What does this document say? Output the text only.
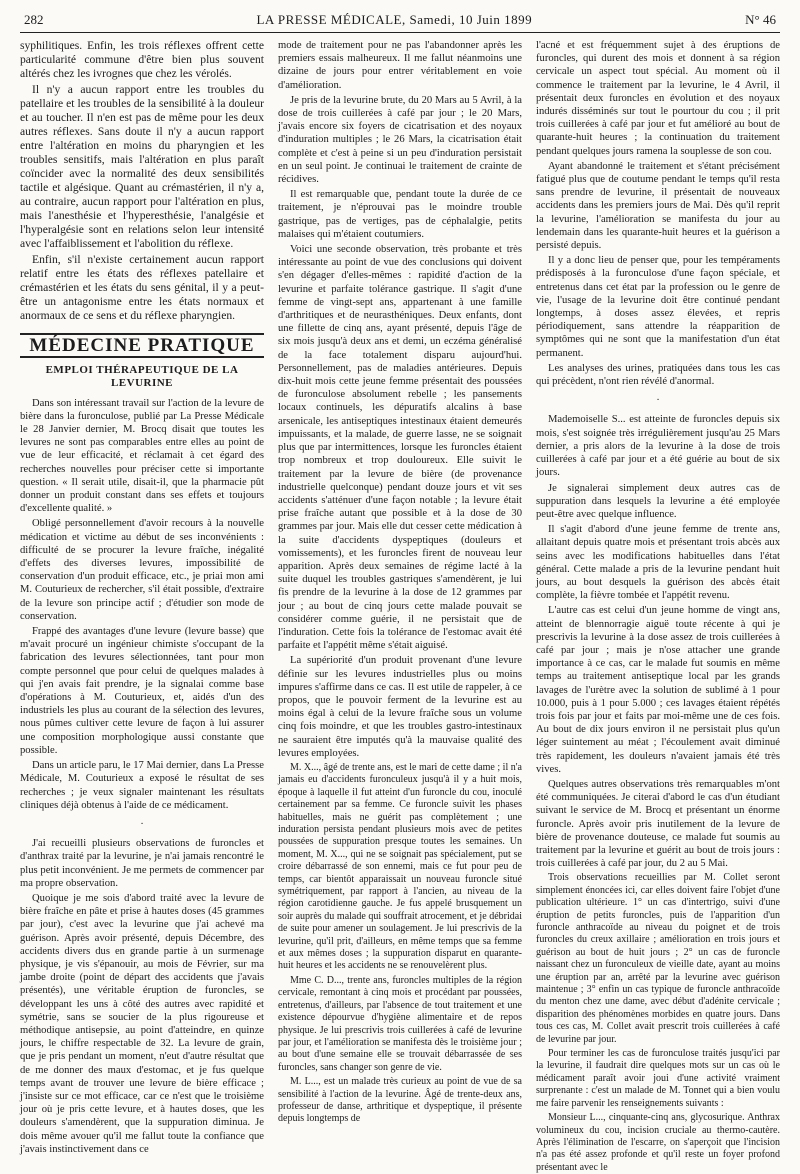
282	LA PRESSE MÉDICALE, Samedi, 10 Juin 1899	N° 46

syphilitiques. Enfin, les trois réflexes offrent cette particularité commune d'être bien plus souvent altérés chez les ivrognes que chez les vérolés.

Il n'y a aucun rapport entre les troubles du patellaire et les troubles de la sensibilité à la douleur et au toucher. Il n'en est pas de même pour les deux autres réflexes. Sans doute il n'y a aucun rapport entre l'altération en moins du pharyngien et les troubles sensitifs, mais l'altération en plus paraît coïncider avec la normalité des deux sensibilités tactile et algésique. Quant au crémastérien, il n'y a, au contraire, aucun rapport pour l'altération en plus, mais l'anesthésie et l'hyperesthésie, l'analgésie et l'hyperalgésie sont en relations selon leur intensité avec l'affaiblissement et l'abolition du réflexe.

Enfin, s'il n'existe certainement aucun rapport relatif entre les états des réflexes patellaire et crémastérien et les états du sens génital, il y a peut-être un antagonisme entre les états normaux et anormaux de ce sens et du réflexe pharyngien.

MÉDECINE PRATIQUE
EMPLOI THÉRAPEUTIQUE DE LA LEVURINE

Dans son intéressant travail sur l'action de la levure de bière dans la furonculose, publié par La Presse Médicale le 28 Janvier dernier, M. Brocq disait que toutes les levures ne sont pas comparables entre elles au point de vue de leur efficacité, et réclamait à cet égard des recherches nouvelles pour préciser cette si importante question. « Il serait utile, disait-il, que la pharmacie pût donner un produit constant dans ses effets et toujours d'excellente qualité. »

Obligé personnellement d'avoir recours à la nouvelle médication et victime au début de ses inconvénients : difficulté de se procurer la levure fraîche, inégalité d'effets des diverses levures, impossibilité de conservation d'un produit efficace, etc., je priai mon ami M. Couturieux de rechercher, s'il était possible, d'extraire de la levure son principe actif ; d'étudier son mode de conservation.

Frappé des avantages d'une levure (levure basse) que m'avait procuré un ingénieur chimiste s'occupant de la fabrication des levures sélectionnées, tant pour mon compte personnel que pour celui de quelques malades à qui j'en avais fait prendre, je la signalai comme base d'opérations à M. Couturieux, et, aidés d'un des industriels les plus au courant de la sélection des levures, nous pûmes cultiver cette levure de façon à lui assurer une composition morphologique aussi constante que possible.

Dans un article paru, le 17 Mai dernier, dans La Presse Médicale, M. Couturieux a exposé le résultat de ses recherches ; je veux signaler maintenant les résultats cliniques déjà obtenus à l'aide de ce médicament.

·

J'ai recueilli plusieurs observations de furoncles et d'anthrax traité par la levurine, je n'ai jamais rencontré le plus petit inconvénient. Je me permets de commencer par ma propre observation.

Quoique je me sois d'abord traité avec la levure de bière fraîche en pâte et prise à hautes doses (45 grammes par jour), c'est avec la levurine que j'ai achevé ma guérison. Après avoir présenté, depuis Décembre, des accidents divers dus en grande partie à un surmenage physique, je vis s'épanouir, au mois de Février, sur ma jambe droite (point de départ des accidents que j'avais présentés), une véritable éruption de furoncles, se développant les uns à côté des autres avec rapidité et symétrie, sans se soucier de la plus rigoureuse et méthodique antisepsie, au point d'atteindre, en quinze jours, le chiffre respectable de 32. La levure de grain, que je pris pendant un moment, n'eut d'autre résultat que de me donner des maux d'estomac, et je fus quelque temps avant de trouver une levure de bière efficace ; j'insiste sur ce mot efficace, car ce n'est que le troisième jour où je pris cette levure, et à hautes doses, que les douleurs s'amendèrent, que la suppuration diminua. Je dois même avouer qu'il me fallut toute la confiance que j'avais instinctivement dans ce

mode de traitement pour ne pas l'abandonner après les premiers essais malheureux. Il me fallut néanmoins une dizaine de jours pour entrer véritablement en voie d'amélioration.

Je pris de la levurine brute, du 20 Mars au 5 Avril, à la dose de trois cuillerées à café par jour ; le 20 Mars, j'avais encore six foyers de cicatrisation et des noyaux d'induration multiples ; le 26 Mars, la cicatrisation était complète et c'est à peine si un peu d'induration persistait en un seul point. Je continuai le traitement de crainte de récidives.

Il est remarquable que, pendant toute la durée de ce traitement, je n'éprouvai pas le moindre trouble gastrique, pas de vertiges, pas de céphalalgie, petits malaises qui m'étaient coutumiers.

Voici une seconde observation, très probante et très intéressante au point de vue des conclusions qui doivent s'en dégager d'elles-mêmes : rapidité d'action de la levurine et parfaite tolérance gastrique. Il s'agit d'une femme de vingt-sept ans, appartenant à une famille d'arthritiques et de neurasthéniques. Deux enfants, dont une fillette de cinq ans, ayant présenté, depuis l'âge de six mois jusqu'à deux ans et demi, un eczéma généralisé de la face totalement disparu aujourd'hui. Personnellement, pas de maladies antérieures. Depuis dix-huit mois cette jeune femme présentait des poussées de furonculose absolument rebelle ; les pansements locaux continuels, les dépuratifs alcalins à base arsenicale, les antiseptiques intestinaux étaient demeurés impuissants, et la malade, de guerre lasse, ne se soignait plus que par intermittences, lorsque les furoncles étaient trop nombreux et trop douloureux. Elle suivit le traitement par la levure de bière (de provenance industrielle quelconque) pendant douze jours et vit ses accidents s'atténuer d'une façon notable ; la levure était prise fraîche autant que possible et à la dose de 30 grammes par jour. Mais elle dut cesser cette médication à la suite d'accidents dyspeptiques (douleurs et vomissements), et les furoncles firent de nouveau leur apparition. Après deux semaines de régime lacté à la suite duquel les troubles gastriques s'amendèrent, je lui fis prendre de la levurine à la dose de 12 grammes par jour ; au bout de cinq jours cette malade pouvait se considérer comme guérie, il ne persistait que de l'induration. Cette fois la tolérance de l'estomac avait été parfaite et l'appétit même s'était aiguisé.

La supériorité d'un produit provenant d'une levure définie sur les levures industrielles plus ou moins impures s'affirme dans ce cas. Il est utile de rappeler, à ce propos, que le pouvoir ferment de la levurine est au moins égal à celui de la levure fraîche sous un volume cinq fois moindre, et que les troubles gastro-intestinaux ne sauraient être imputés qu'à la mauvaise qualité des levures employées.

M. X..., âgé de trente ans, est le mari de cette dame ; il n'a jamais eu d'accidents furonculeux jusqu'à il y a huit mois, époque à laquelle il fut atteint d'un furoncle du cou, inoculé certainement par sa femme. Ce furoncle suivit les phases habituelles, mais ne guérit pas complètement ; une induration persista pendant plusieurs mois avec de petites poussées de suppuration presque toutes les semaines. Un moment, M. X..., qui ne se soignait pas spécialement, put se croire débarrassé de son ennemi, mais ce fut pour peu de temps, car bientôt apparaissait un nouveau furoncle situé symétriquement, par rapport à l'ancien, au niveau de la région carotidienne gauche. Je fus appelé brusquement un soir auprès du malade qui souffrait atrocement, et je débridai de suite pour amener un soulagement. Je lui prescrivis de la levurine, qu'il prit, d'ailleurs, en même temps que sa femme et aux mêmes doses ; la suppuration disparut en quarante-huit heures et les accidents ne se renouvelèrent plus.

Mme C. D..., trente ans, furoncles multiples de la région cervicale, remontant à cinq mois et procédant par poussées, entretenus, d'ailleurs, par l'absence de tout traitement et une existence dépourvue d'hygiène alimentaire et de repos physique. Je lui prescrivis trois cuillerées à café de levurine par jour, et l'amélioration se manifesta dès le troisième jour ; au bout d'une semaine elle se trouvait débarrassée de ses furoncles, sans changer son genre de vie.

M. L..., est un malade très curieux au point de vue de sa sensibilité à l'action de la levurine. Âgé de trente-deux ans, professeur de danse, arthritique et dyspeptique, il présente depuis longtemps de

l'acné et est fréquemment sujet à des éruptions de furoncles, qui durent des mois et donnent à sa région cervicale un aspect tout spécial. Au moment où il commence le traitement par la levurine, le 4 Avril, il présentait deux furoncles en évolution et des noyaux indurés disséminés sur tout le pourtour du cou ; il prit trois cuillerées à café par jour et fut amélioré au bout de quarante-huit heures ; la continuation du traitement pendant quelques jours ramena la souplesse de son cou.

Ayant abandonné le traitement et s'étant précisément fatigué plus que de coutume pendant le temps qu'il resta sans prendre de levurine, il présentait de nouveaux accidents dans les premiers jours de Mai. Dès qu'il reprit la levurine, l'amélioration se manifesta du jour au lendemain dans les quarante-huit heures et la guérison a persisté depuis.

Il y a donc lieu de penser que, pour les tempéraments prédisposés à la furonculose d'une façon spéciale, et entretenus dans cet état par la profession ou le genre de vie, l'usage de la levurine doit être continué pendant longtemps, à doses assez élevées, et repris périodiquement, sans attendre la réapparition de symptômes qui ne sont que la manifestation d'un état permanent.

Les analyses des urines, pratiquées dans tous les cas qui précèdent, n'ont rien révélé d'anormal.

·

Mademoiselle S... est atteinte de furoncles depuis six mois, s'est soignée très irrégulièrement jusqu'au 25 Mars dernier, a pris alors de la levurine à la dose de trois cuillerées à café par jour et a été guérie au bout de six jours.

Je signalerai simplement deux autres cas de suppuration dans lesquels la levurine a été employée peut-être avec quelque influence.

Il s'agit d'abord d'une jeune femme de trente ans, allaitant depuis quatre mois et présentant trois abcès aux seins avec les modifications habituelles dans l'état général. Cette malade a pris de la levurine pendant huit jours, au bout desquels la guérison des abcès était complète, la fièvre tombée et l'appétit revenu.

L'autre cas est celui d'un jeune homme de vingt ans, atteint de blennorragie aiguë toute récente à qui je prescrivis la levurine à la dose assez de trois cuillerées à café par jour ; mais je n'ose attacher une grande importance à ce cas, car le malade fut soumis en même temps au traitement antiseptique local par les grands lavages de l'urètre avec la solution de sublimé à 1 pour 10.000, puis à 1 pour 5.000 ; ces lavages étaient répétés trois fois par jour et faits par moi-même une de ces fois. Au bout de dix jours environ il ne persistait plus qu'un léger suintement au méat ; l'écoulement avait diminué très rapidement, les douleurs n'avaient jamais été très vives.

Quelques autres observations très remarquables m'ont été communiquées. Je citerai d'abord le cas d'un étudiant suivant le service de M. Brocq et présentant un énorme furoncle. Après avoir pris inutilement de la levure de bière de provenance douteuse, ce malade fut soumis au traitement par la levurine et guérit au bout de trois jours : trois cuillerées à café par jour, du 2 au 5 Mai.

Trois observations recueillies par M. Collet seront simplement énoncées ici, car elles doivent faire l'objet d'une publication ultérieure. 1° un cas d'intertrigo, suivi d'une éruption de petits furoncles, puis de l'apparition d'un furoncle anthracoïde au niveau du poignet et de trois furoncles du creux axillaire ; amélioration en trois jours et guérison au bout de huit jours ; 2° un cas de furoncle naissant chez un furonculeux de vieille date, ayant au moins une éruption par an, arrêté par la levurine avec guérison maintenue ; 3° enfin un cas typique de furoncle anthracoïde du menton chez une dame, avec début d'adénite cervicale ; disparition des phénomènes morbides en quatre jours. Dans tous ces cas, M. Collet avait prescrit trois cuillerées à café de levurine par jour.

Pour terminer les cas de furonculose traités jusqu'ici par la levurine, il faudrait dire quelques mots sur un cas où le médicament paraît avoir joui d'une activité vraiment surprenante : c'est un malade de M. Tonnet qui a bien voulu me faire parvenir les renseignements suivants :

Monsieur L..., cinquante-cinq ans, glycosurique. Anthrax volumineux du cou, incision cruciale au thermo-cautère. Après l'élimination de l'escarre, on s'aperçoit que l'incision n'a pas été assez profonde et qu'il reste un foyer profond présentant avec le
